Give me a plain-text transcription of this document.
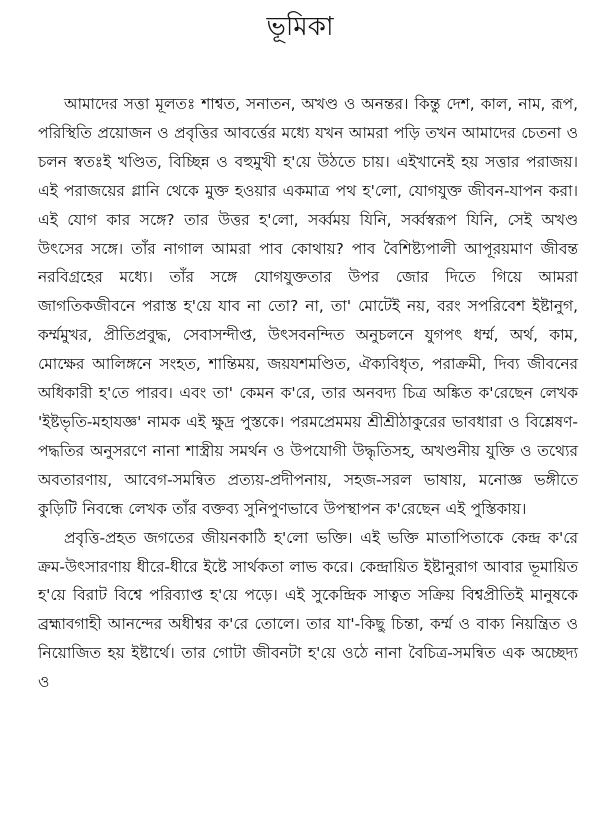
ভূমিকা

আমাদের সত্তা মূলতঃ শাশ্বত, সনাতন, অখণ্ড ও অনন্তর। কিন্তু দেশ, কাল, নাম, রূপ, পরিস্থিতি প্রয়োজন ও প্রবৃত্তির আবর্ত্তের মধ্যে যখন আমরা পড়ি তখন আমাদের চেতনা ও চলন স্বতঃই খণ্ডিত, বিচ্ছিন্ন ও বহুমুখী হ'য়ে উঠতে চায়। এইখানেই হয় সত্তার পরাজয়। এই পরাজয়ের গ্লানি থেকে মুক্ত হওয়ার একমাত্র পথ হ'লো, যোগযুক্ত জীবন-যাপন করা। এই যোগ কার সঙ্গে? তার উত্তর হ'লো, সর্ব্বময় যিনি, সর্ব্বস্বরূপ যিনি, সেই অখণ্ড উৎসের সঙ্গে। তাঁর নাগাল আমরা পাব কোথায়? পাব বৈশিষ্ট্যপালী আপূরয়মাণ জীবন্ত নরবিগ্রহের মধ্যে। তাঁর সঙ্গে যোগযুক্ততার উপর জোর দিতে গিয়ে আমরা জাগতিকজীবনে পরাস্ত হ'য়ে যাব না তো? না, তা' মোটেই নয়, বরং সপরিবেশ ইষ্টানুগ, কর্ম্মমুখর, প্রীতিপ্রবুদ্ধ, সেবাসন্দীপ্ত, উৎসবনন্দিত অনুচলনে যুগপৎ ধর্ম্ম, অর্থ, কাম, মোক্ষের আলিঙ্গনে সংহত, শান্তিময়, জয়যশমণ্ডিত, ঐক্যবিধৃত, পরাক্রমী, দিব্য জীবনের অধিকারী হ'তে পারব। এবং তা' কেমন ক'রে, তার অনবদ্য চিত্র অঙ্কিত ক'রেছেন লেখক 'ইষ্টভৃতি-মহাযজ্ঞ' নামক এই ক্ষুদ্র পুস্তকে। পরমপ্রেমময় শ্রীশ্রীঠাকুরের ভাবধারা ও বিশ্লেষণ-পদ্ধতির অনুসরণে নানা শাস্ত্রীয় সমর্থন ও উপযোগী উদ্ধৃতিসহ, অখণ্ডনীয় যুক্তি ও তথ্যের অবতারণায়, আবেগ-সমন্বিত প্রত্যয়-প্রদীপনায়, সহজ-সরল ভাষায়, মনোজ্ঞ ভঙ্গীতে কুড়িটি নিবন্ধে লেখক তাঁর বক্তব্য সুনিপুণভাবে উপস্থাপন ক'রেছেন এই পুস্তিকায়।

প্রবৃত্তি-প্রহত জগতের জীয়নকাঠি হ'লো ভক্তি। এই ভক্তি মাতাপিতাকে কেন্দ্র ক'রে ক্রম-উৎসারণায় ধীরে-ধীরে ইষ্টে সার্থকতা লাভ করে। কেন্দ্রায়িত ইষ্টানুরাগ আবার ভূমায়িত হ'য়ে বিরাট বিশ্বে পরিব্যাপ্ত হ'য়ে পড়ে। এই সুকেন্দ্রিক সাত্বত সক্রিয় বিশ্বপ্রীতিই মানুষকে ব্রহ্মাবগাহী আনন্দের অধীশ্বর ক'রে তোলে। তার যা'-কিছু চিন্তা, কর্ম্ম ও বাক্য নিয়ন্ত্রিত ও নিয়োজিত হয় ইষ্টার্থে। তার গোটা জীবনটা হ'য়ে ওঠে নানা বৈচিত্র-সমন্বিত এক অচ্ছেদ্য ও
